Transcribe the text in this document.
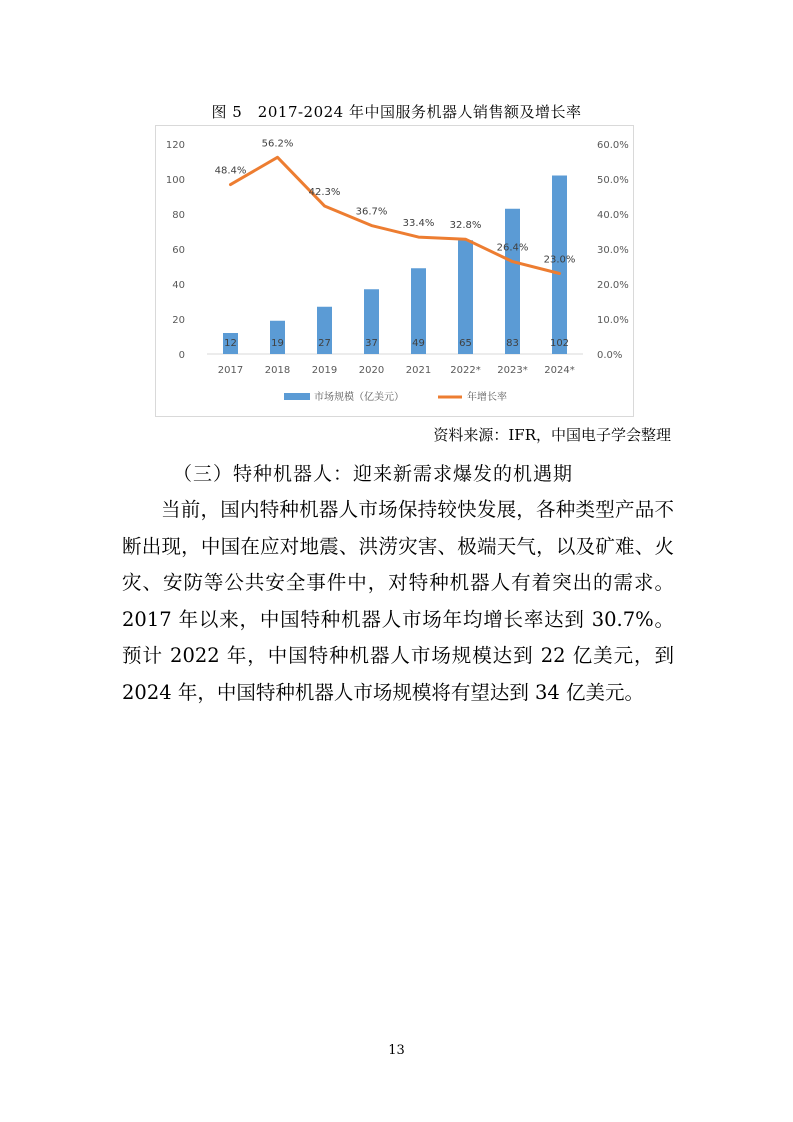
图 5　2017-2024 年中国服务机器人销售额及增长率
0
20
40
60
80
100
120
0.0%
10.0%
20.0%
30.0%
40.0%
50.0%
60.0%
12
2017
19
2018
27
2019
37
2020
49
2021
65
2022*
83
2023*
102
2024*
48.4%
56.2%
42.3%
36.7%
33.4% 32.8%
26.4%
23.0%
市场规模（亿美元）	年增长率
资料来源：IFR，中国电子学会整理
（三）特种机器人：迎来新需求爆发的机遇期

当前，国内特种机器人市场保持较快发展，各种类型产品不断出现，中国在应对地震、洪涝灾害、极端天气，以及矿难、火灾、安防等公共安全事件中，对特种机器人有着突出的需求。2017 年以来，中国特种机器人市场年均增长率达到 30.7%。预计 2022 年，中国特种机器人市场规模达到 22 亿美元，到 2024 年，中国特种机器人市场规模将有望达到 34 亿美元。

13
